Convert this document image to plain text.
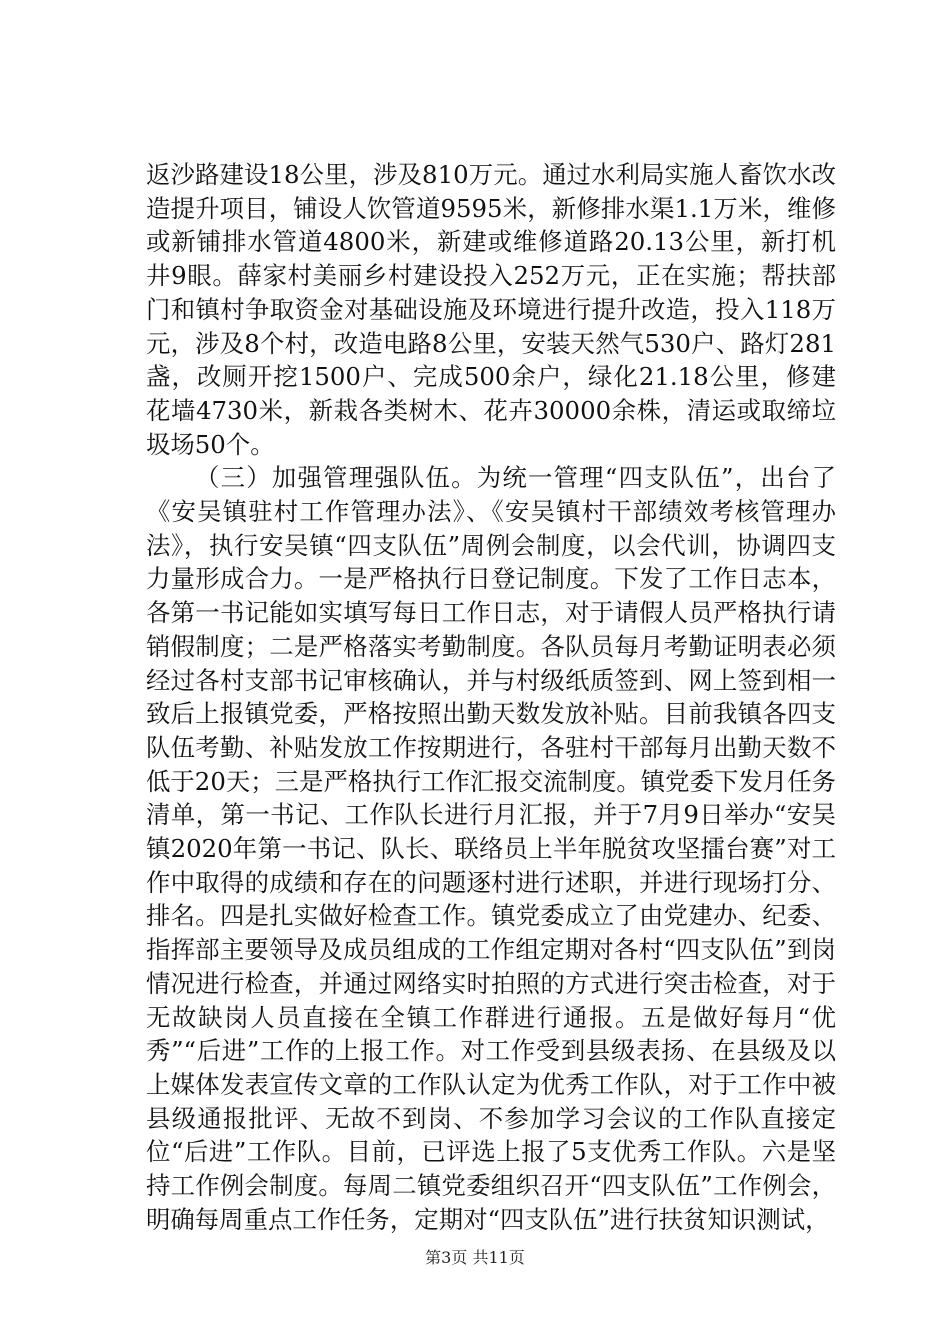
返沙路建设18公里，涉及810万元。通过水利局实施人畜饮水改造提升项目，铺设人饮管道9595米，新修排水渠1.1万米，维修或新铺排水管道4800米，新建或维修道路20.13公里，新打机井9眼。薛家村美丽乡村建设投入252万元，正在实施；帮扶部门和镇村争取资金对基础设施及环境进行提升改造，投入118万元，涉及8个村，改造电路8公里，安装天然气530户、路灯281盏，改厕开挖1500户、完成500余户，绿化21.18公里，修建花墙4730米，新栽各类树木、花卉30000余株，清运或取缔垃圾场50个。

（三）加强管理强队伍。为统一管理“四支队伍”，出台了《安吴镇驻村工作管理办法》、《安吴镇村干部绩效考核管理办法》，执行安吴镇“四支队伍”周例会制度，以会代训，协调四支力量形成合力。一是严格执行日登记制度。下发了工作日志本，各第一书记能如实填写每日工作日志，对于请假人员严格执行请销假制度；二是严格落实考勤制度。各队员每月考勤证明表必须经过各村支部书记审核确认，并与村级纸质签到、网上签到相一致后上报镇党委，严格按照出勤天数发放补贴。目前我镇各四支队伍考勤、补贴发放工作按期进行，各驻村干部每月出勤天数不低于20天；三是严格执行工作汇报交流制度。镇党委下发月任务清单，第一书记、工作队长进行月汇报，并于7月9日举办“安吴镇2020年第一书记、队长、联络员上半年脱贫攻坚擂台赛”对工作中取得的成绩和存在的问题逐村进行述职，并进行现场打分、排名。四是扎实做好检查工作。镇党委成立了由党建办、纪委、指挥部主要领导及成员组成的工作组定期对各村“四支队伍”到岗情况进行检查，并通过网络实时拍照的方式进行突击检查，对于无故缺岗人员直接在全镇工作群进行通报。五是做好每月“优秀”“后进”工作的上报工作。对工作受到县级表扬、在县级及以上媒体发表宣传文章的工作队认定为优秀工作队，对于工作中被县级通报批评、无故不到岗、不参加学习会议的工作队直接定位“后进”工作队。目前，已评选上报了5支优秀工作队。六是坚持工作例会制度。每周二镇党委组织召开“四支队伍”工作例会，明确每周重点工作任务，定期对“四支队伍”进行扶贫知识测试，

第3页 共11页
